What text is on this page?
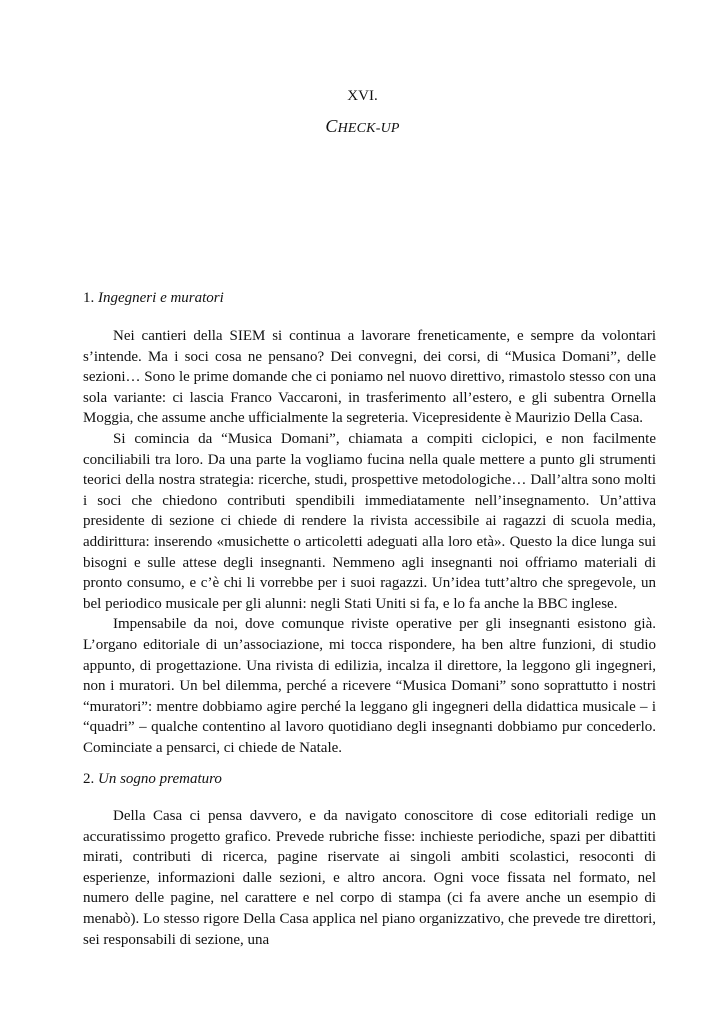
XVI.
CHECK-UP
1. Ingegneri e muratori

Nei cantieri della SIEM si continua a lavorare freneticamente, e sempre da volontari s’intende. Ma i soci cosa ne pensano? Dei convegni, dei corsi, di “Musica Domani”, delle sezioni… Sono le prime domande che ci poniamo nel nuovo direttivo, rimastolo stesso con una sola variante: ci lascia Franco Vaccaroni, in trasferimento all’estero, e gli subentra Ornella Moggia, che assume anche ufficialmente la segreteria. Vicepresidente è Maurizio Della Casa.

Si comincia da “Musica Domani”, chiamata a compiti ciclopici, e non facilmente conciliabili tra loro. Da una parte la vogliamo fucina nella quale mettere a punto gli strumenti teorici della nostra strategia: ricerche, studi, prospettive metodologiche… Dall’altra sono molti i soci che chiedono contributi spendibili immediatamente nell’insegnamento. Un’attiva presidente di sezione ci chiede di rendere la rivista accessibile ai ragazzi di scuola media, addirittura: inserendo «musichette o articoletti adeguati alla loro età». Questo la dice lunga sui bisogni e sulle attese degli insegnanti. Nemmeno agli insegnanti noi offriamo materiali di pronto consumo, e c’è chi li vorrebbe per i suoi ragazzi. Un’idea tutt’altro che spregevole, un bel periodico musicale per gli alunni: negli Stati Uniti si fa, e lo fa anche la BBC inglese.

Impensabile da noi, dove comunque riviste operative per gli insegnanti esistono già. L’organo editoriale di un’associazione, mi tocca rispondere, ha ben altre funzioni, di studio appunto, di progettazione. Una rivista di edilizia, incalza il direttore, la leggono gli ingegneri, non i muratori. Un bel dilemma, perché a ricevere “Musica Domani” sono soprattutto i nostri “muratori”: mentre dobbiamo agire perché la leggano gli ingegneri della didattica musicale – i “quadri” – qualche contentino al lavoro quotidiano degli insegnanti dobbiamo pur concederlo. Cominciate a pensarci, ci chiede de Natale.

2. Un sogno prematuro

Della Casa ci pensa davvero, e da navigato conoscitore di cose editoriali redige un accuratissimo progetto grafico. Prevede rubriche fisse: inchieste periodiche, spazi per dibattiti mirati, contributi di ricerca, pagine riservate ai singoli ambiti scolastici, resoconti di esperienze, informazioni dalle sezioni, e altro ancora. Ogni voce fissata nel formato, nel numero delle pagine, nel carattere e nel corpo di stampa (ci fa avere anche un esempio di menabò). Lo stesso rigore Della Casa applica nel piano organizzativo, che prevede tre direttori, sei responsabili di sezione, una
